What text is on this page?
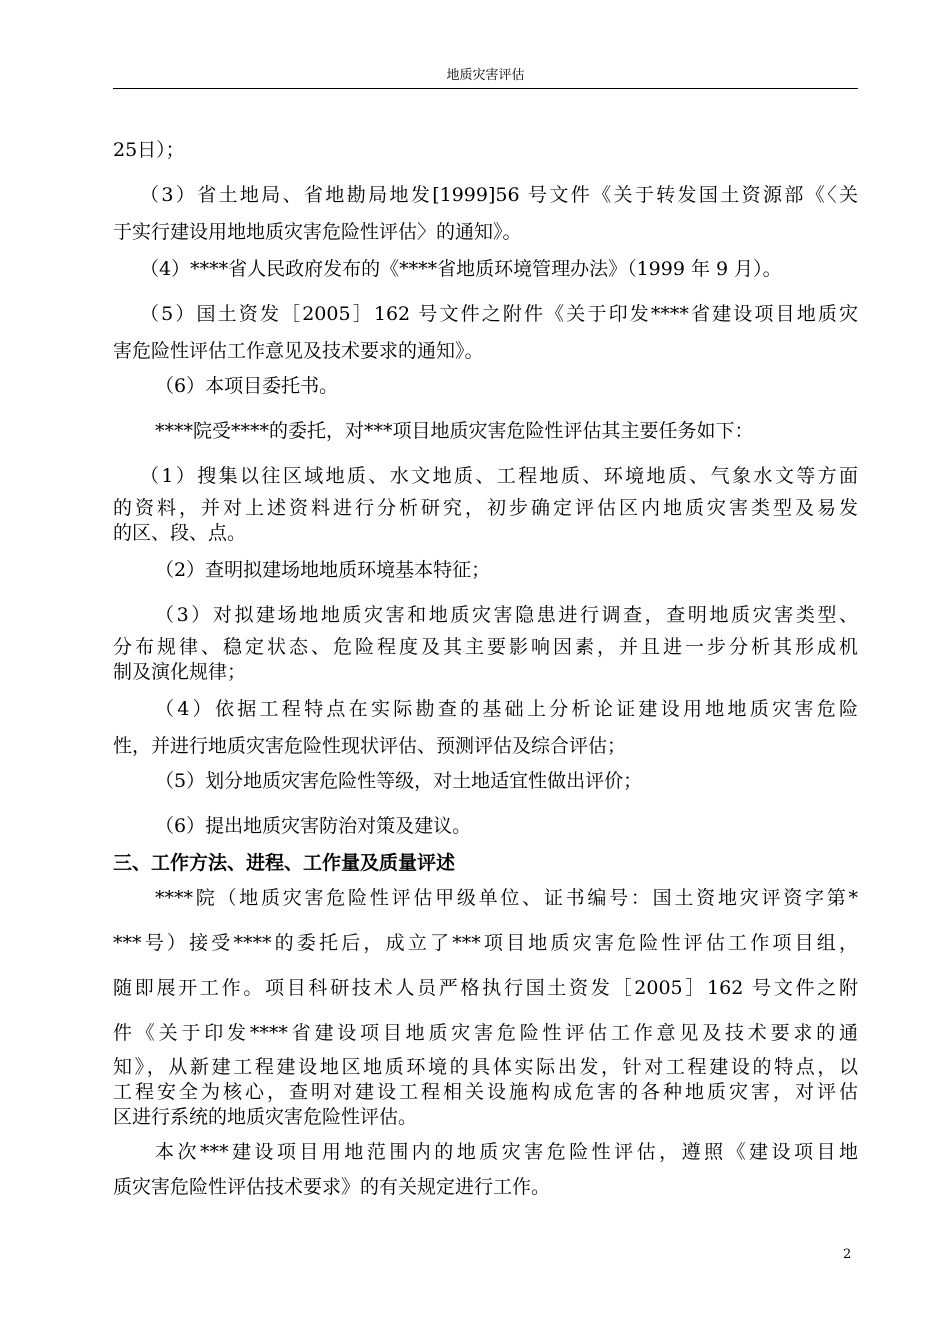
地质灾害评估
25日）；
（3）省土地局、省地勘局地发[1999]56 号文件《关于转发国土资源部《〈关
于实行建设用地地质灾害危险性评估〉的通知》。
（4）****省人民政府发布的《****省地质环境管理办法》（1999 年 9 月）。
（5）国土资发［2005］162 号文件之附件《关于印发****省建设项目地质灾
害危险性评估工作意见及技术要求的通知》。
（6）本项目委托书。
****院受****的委托，对***项目地质灾害危险性评估其主要任务如下：
（1）搜集以往区域地质、水文地质、工程地质、环境地质、气象水文等方面
的资料，并对上述资料进行分析研究，初步确定评估区内地质灾害类型及易发
的区、段、点。
（2）查明拟建场地地质环境基本特征；
（3）对拟建场地地质灾害和地质灾害隐患进行调查，查明地质灾害类型、
分布规律、稳定状态、危险程度及其主要影响因素，并且进一步分析其形成机
制及演化规律；
（4）依据工程特点在实际勘查的基础上分析论证建设用地地质灾害危险
性，并进行地质灾害危险性现状评估、预测评估及综合评估；
（5）划分地质灾害危险性等级，对土地适宜性做出评价；
（6）提出地质灾害防治对策及建议。
三、工作方法、进程、工作量及质量评述
****院（地质灾害危险性评估甲级单位、证书编号：国土资地灾评资字第*
***号）接受****的委托后，成立了***项目地质灾害危险性评估工作项目组，
随即展开工作。项目科研技术人员严格执行国土资发［2005］162 号文件之附
件《关于印发****省建设项目地质灾害危险性评估工作意见及技术要求的通
知》，从新建工程建设地区地质环境的具体实际出发，针对工程建设的特点，以
工程安全为核心，查明对建设工程相关设施构成危害的各种地质灾害，对评估
区进行系统的地质灾害危险性评估。
本次***建设项目用地范围内的地质灾害危险性评估，遵照《建设项目地
质灾害危险性评估技术要求》的有关规定进行工作。
2
